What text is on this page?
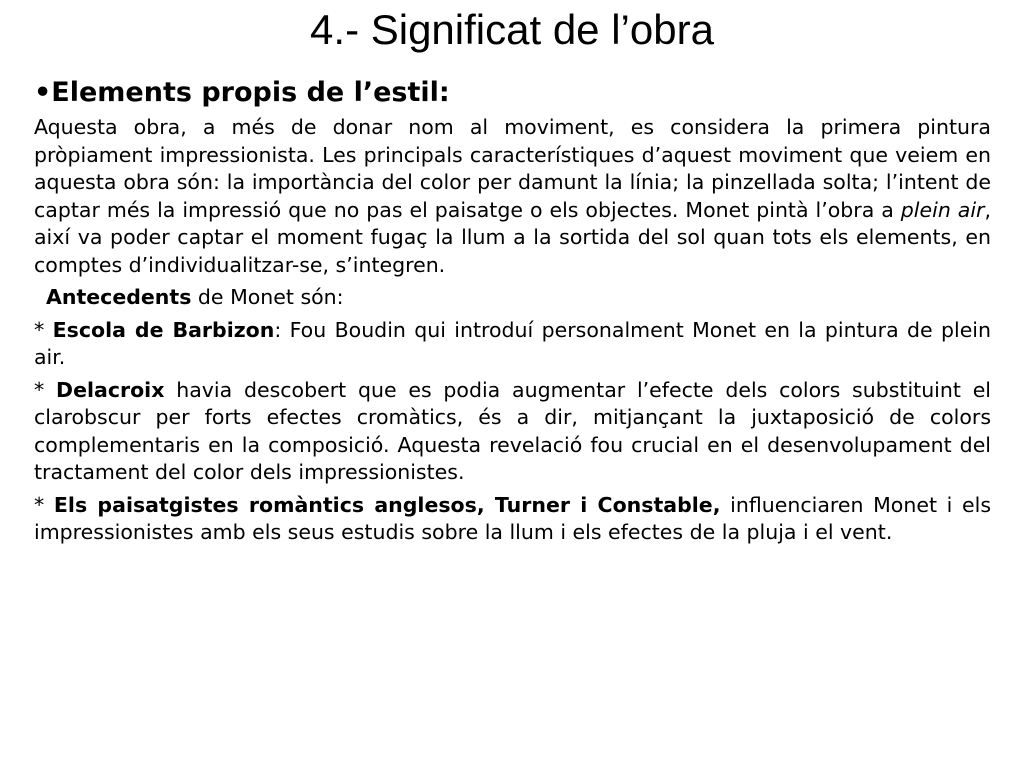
4.- Significat de l’obra
•Elements propis de l’estil:

Aquesta obra, a més de donar nom al moviment, es considera la primera pintura pròpiament impressionista. Les principals característiques d’aquest moviment que veiem en aquesta obra són: la importància del color per damunt la línia; la pinzellada solta; l’intent de captar més la impressió que no pas el paisatge o els objectes. Monet pintà l’obra a plein air, així va poder captar el moment fugaç la llum a la sortida del sol quan tots els elements, en comptes d’individualitzar-se, s’integren.

Antecedents de Monet són:

* Escola de Barbizon: Fou Boudin qui introduí personalment Monet en la pintura de plein air.

* Delacroix havia descobert que es podia augmentar l’efecte dels colors substituint el clarobscur per forts efectes cromàtics, és a dir, mitjançant la juxtaposició de colors complementaris en la composició. Aquesta revelació fou crucial en el desenvolupament del tractament del color dels impressionistes.

* Els paisatgistes romàntics anglesos, Turner i Constable, influenciaren Monet i els impressionistes amb els seus estudis sobre la llum i els efectes de la pluja i el vent.
